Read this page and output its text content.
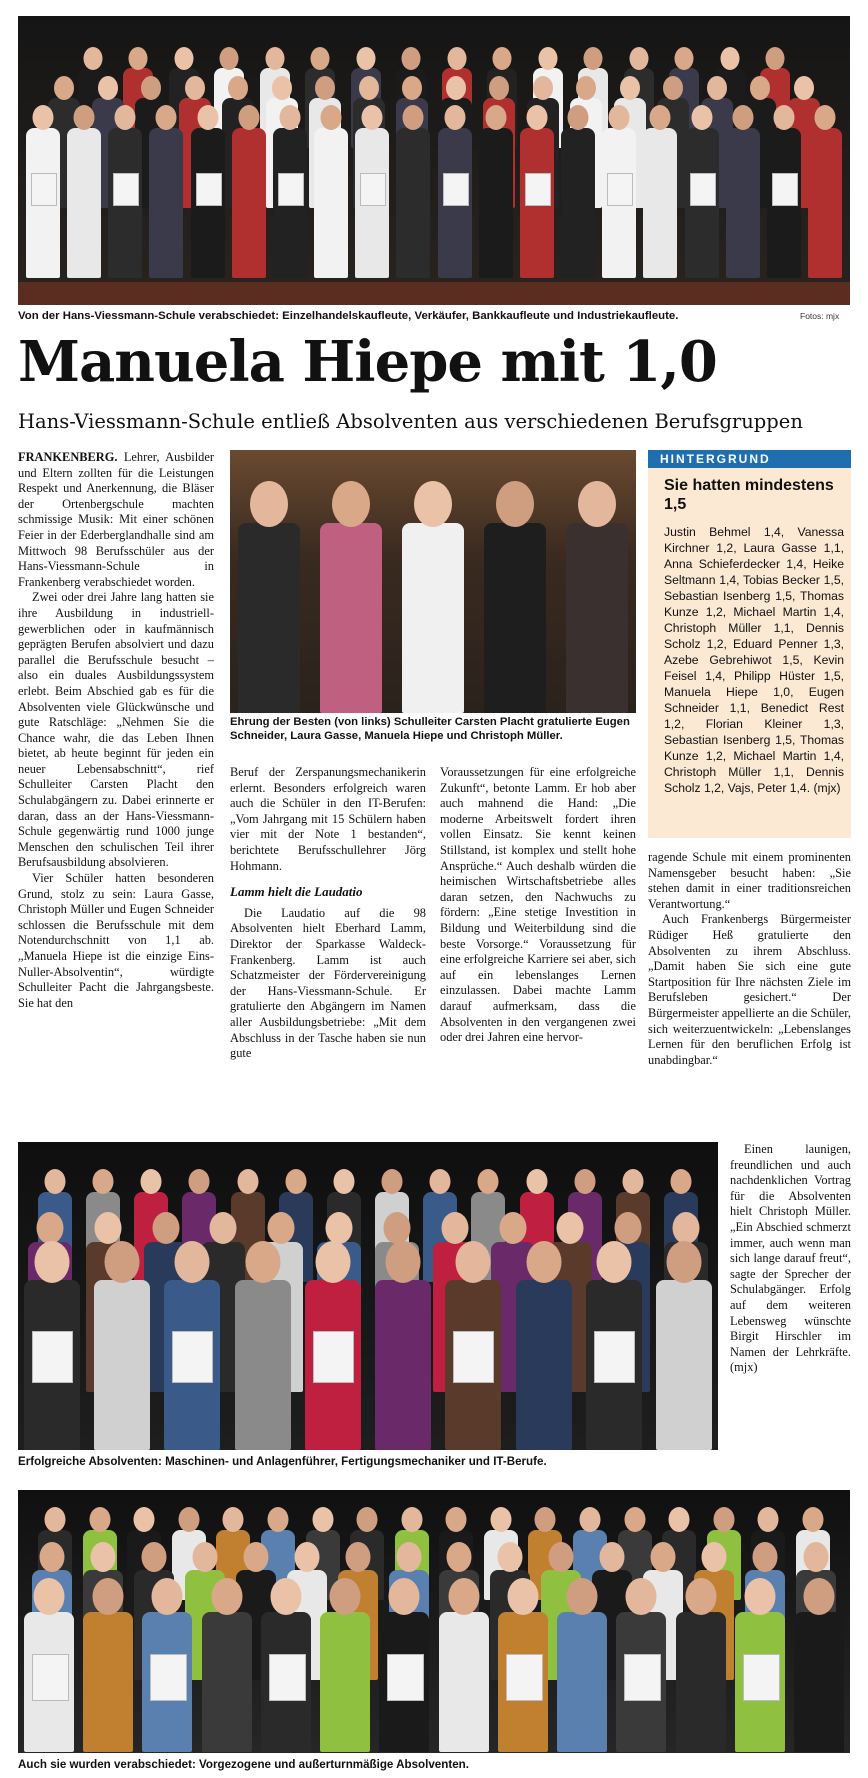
Von der Hans-Viessmann-Schule verabschiedet: Einzelhandelskaufleute, Verkäufer, Bankkaufleute und Industriekaufleute.	Fotos: mjx
Manuela Hiepe mit 1,0
Hans-Viessmann-Schule entließ Absolventen aus verschiedenen Berufsgruppen
Ehrung der Besten (von links) Schulleiter Carsten Placht gratulierte Eugen Schneider, Laura Gasse, Manuela Hiepe und Christoph Müller.

FRANKENBERG. Lehrer, Ausbilder und Eltern zollten für die Leistungen Respekt und Anerkennung, die Bläser der Ortenbergschule machten schmissige Musik: Mit einer schönen Feier in der Ederberglandhalle sind am Mittwoch 98 Berufsschüler aus der Hans-Viessmann-Schule in Frankenberg verabschiedet worden.

Zwei oder drei Jahre lang hatten sie ihre Ausbildung in industriell-gewerblichen oder in kaufmännisch geprägten Berufen absolviert und dazu parallel die Berufsschule besucht – also ein duales Ausbildungssystem erlebt. Beim Abschied gab es für die Absolventen viele Glückwünsche und gute Ratschläge: „Nehmen Sie die Chance wahr, die das Leben Ihnen bietet, ab heute beginnt für jeden ein neuer Lebensabschnitt“, rief Schulleiter Carsten Placht den Schulabgängern zu. Dabei erinnerte er daran, dass an der Hans-Viessmann-Schule gegenwärtig rund 1000 junge Menschen den schulischen Teil ihrer Berufsausbildung absolvieren.

Vier Schüler hatten besonderen Grund, stolz zu sein: Laura Gasse, Christoph Müller und Eugen Schneider schlossen die Berufsschule mit dem Notendurchschnitt von 1,1 ab. „Manuela Hiepe ist die einzige Eins-Nuller-Absolventin“, würdigte Schulleiter Pacht die Jahrgangsbeste. Sie hat den

Beruf der Zerspanungsmechanikerin erlernt. Besonders erfolgreich waren auch die Schüler in den IT-Berufen: „Vom Jahrgang mit 15 Schülern haben vier mit der Note 1 bestanden“, berichtete Berufsschullehrer Jörg Hohmann.

Lamm hielt die Laudatio

Die Laudatio auf die 98 Absolventen hielt Eberhard Lamm, Direktor der Sparkasse Waldeck-Frankenberg. Lamm ist auch Schatzmeister der Fördervereinigung der Hans-Viessmann-Schule. Er gratulierte den Abgängern im Namen aller Ausbildungsbetriebe: „Mit dem Abschluss in der Tasche haben sie nun gute

Voraussetzungen für eine erfolgreiche Zukunft“, betonte Lamm. Er hob aber auch mahnend die Hand: „Die moderne Arbeitswelt fordert ihren vollen Einsatz. Sie kennt keinen Stillstand, ist komplex und stellt hohe Ansprüche.“ Auch deshalb würden die heimischen Wirtschaftsbetriebe alles daran setzen, den Nachwuchs zu fördern: „Eine stetige Investition in Bildung und Weiterbildung sind die beste Vorsorge.“ Voraussetzung für eine erfolgreiche Karriere sei aber, sich auf ein lebenslanges Lernen einzulassen. Dabei machte Lamm darauf aufmerksam, dass die Absolventen in den vergangenen zwei oder drei Jahren eine hervor-

ragende Schule mit einem prominenten Namensgeber besucht haben: „Sie stehen damit in einer traditionsreichen Verantwortung.“

Auch Frankenbergs Bürgermeister Rüdiger Heß gratulierte den Absolventen zu ihrem Abschluss. „Damit haben Sie sich eine gute Startposition für Ihre nächsten Ziele im Berufsleben gesichert.“ Der Bürgermeister appellierte an die Schüler, sich weiterzuentwickeln: „Lebenslanges Lernen für den beruflichen Erfolg ist unabdingbar.“

Einen launigen, freundlichen und auch nachdenklichen Vortrag für die Absolventen hielt Christoph Müller. „Ein Abschied schmerzt immer, auch wenn man sich lange darauf freut“, sagte der Sprecher der Schulabgänger. Erfolg auf dem weiteren Lebensweg wünschte Birgit Hirschler im Namen der Lehrkräfte. (mjx)

HINTERGRUND
Sie hatten mindestens 1,5
Justin Behmel 1,4, Vanessa Kirchner 1,2, Laura Gasse 1,1, Anna Schieferdecker 1,4, Heike Seltmann 1,4, Tobias Becker 1,5, Sebastian Isenberg 1,5, Thomas Kunze 1,2, Michael Martin 1,4, Christoph Müller 1,1, Dennis Scholz 1,2, Eduard Penner 1,3, Azebe Gebrehiwot 1,5, Kevin Feisel 1,4, Philipp Hüster 1,5, Manuela Hiepe 1,0, Eugen Schneider 1,1, Benedict Rest 1,2, Florian Kleiner 1,3, Sebastian Isenberg 1,5, Thomas Kunze 1,2, Michael Martin 1,4, Christoph Müller 1,1, Dennis Scholz 1,2, Vajs, Peter 1,4. (mjx)
Erfolgreiche Absolventen: Maschinen- und Anlagenführer, Fertigungsmechaniker und IT-Berufe.
Auch sie wurden verabschiedet: Vorgezogene und außerturnmäßige Absolventen.
